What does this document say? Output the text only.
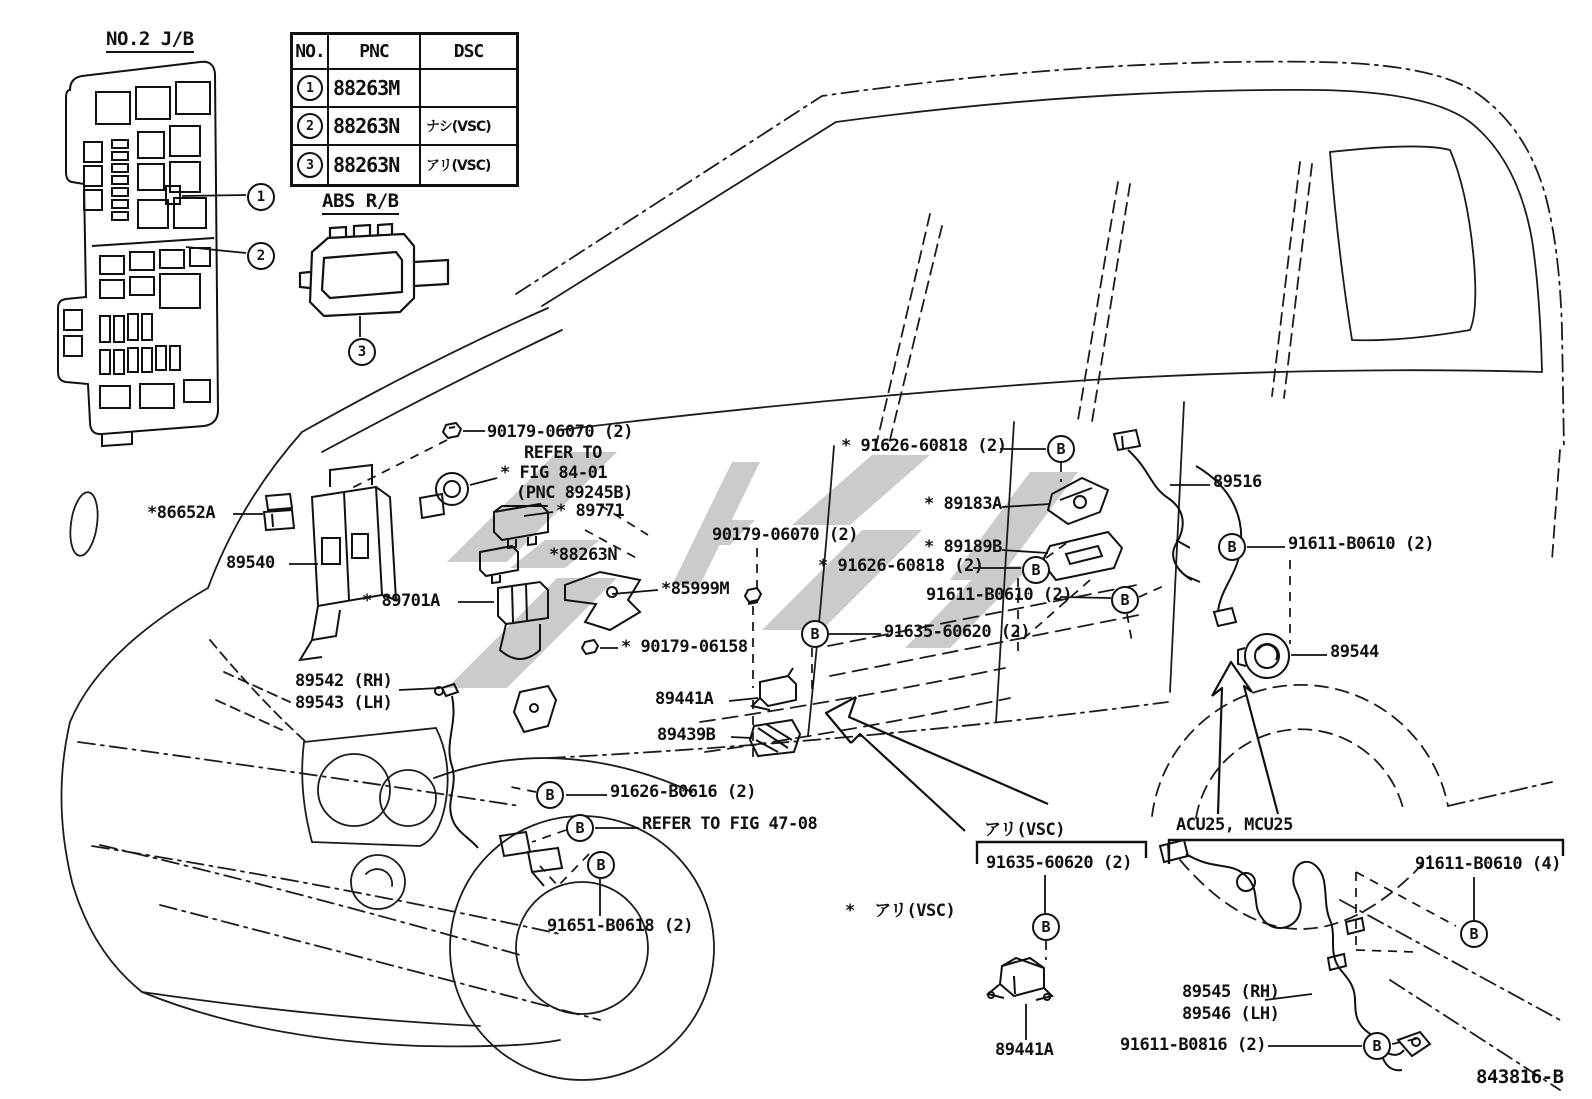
NO.2 J/B
ABS R/B
NO.	PNC	DSC
1 88263M
2 88263N	ナシ(VSC)
3 88263N	アリ(VSC)
1
2
3
90179-06070 (2)
REFER TO
* FIG 84-01
(PNC 89245B)
* 89771
*86652A
89540	*88263N
* 89701A
*85999M
90179-06070 (2)
* 91626-60818 (2)
91611-B0610 (2)
91635-60620 (2)
* 90179-06158
89441A
89439B
* 91626-60818 (2)
* 89183A
* 89189B
89516
91611-B0610 (2)
89544
91626-B0616 (2)
REFER TO FIG 47-08
91651-B0618 (2)
89542 (RH)
89543 (LH)
91635-60620 (2)
89441A
91611-B0610 (4)
89545 (RH)
89546 (LH)
91611-B0816 (2)
アリ(VSC)	ACU25, MCU25
*  アリ(VSC)
843816-B
B
B
B
B
B
B
B
B
B	B
B
